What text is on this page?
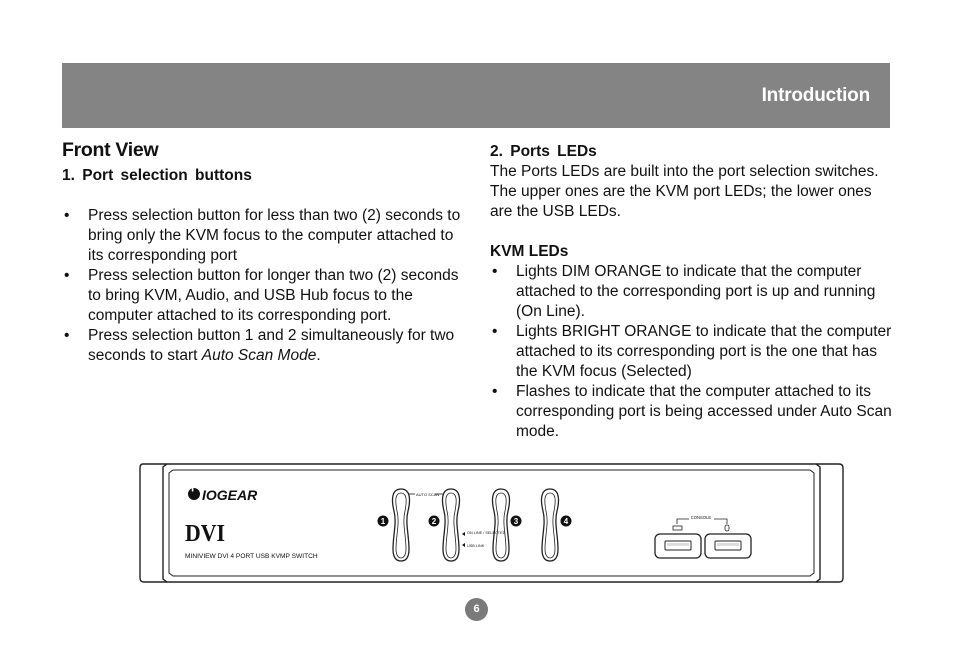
Introduction
Front View

1. Port selection buttons

• Press selection button for less than two (2) seconds to bring only the KVM focus to the computer attached to its corresponding port
• Press selection button for longer than two (2) seconds to bring KVM, Audio, and USB Hub focus to the computer attached to its corresponding port.
• Press selection button 1 and 2 simultaneously for two seconds to start Auto Scan Mode.

2. Ports LEDs

The Ports LEDs are built into the port selection switches. The upper ones are the KVM port LEDs; the lower ones are the USB LEDs.

KVM LEDs

• Lights DIM ORANGE to indicate that the computer attached to the corresponding port is up and running (On Line).
• Lights BRIGHT ORANGE to indicate that the computer attached to its corresponding port is the one that has the KVM focus (Selected)
• Flashes to indicate that the computer attached to its corresponding port is being accessed under Auto Scan mode.
IOGEAR
DVI
MINIVIEW DVI 4 PORT USB KVMP SWITCH
1	2	3	4
AUTO SCAN
ON LINE / SELECTED
USB LINK
CONSOLE
6
